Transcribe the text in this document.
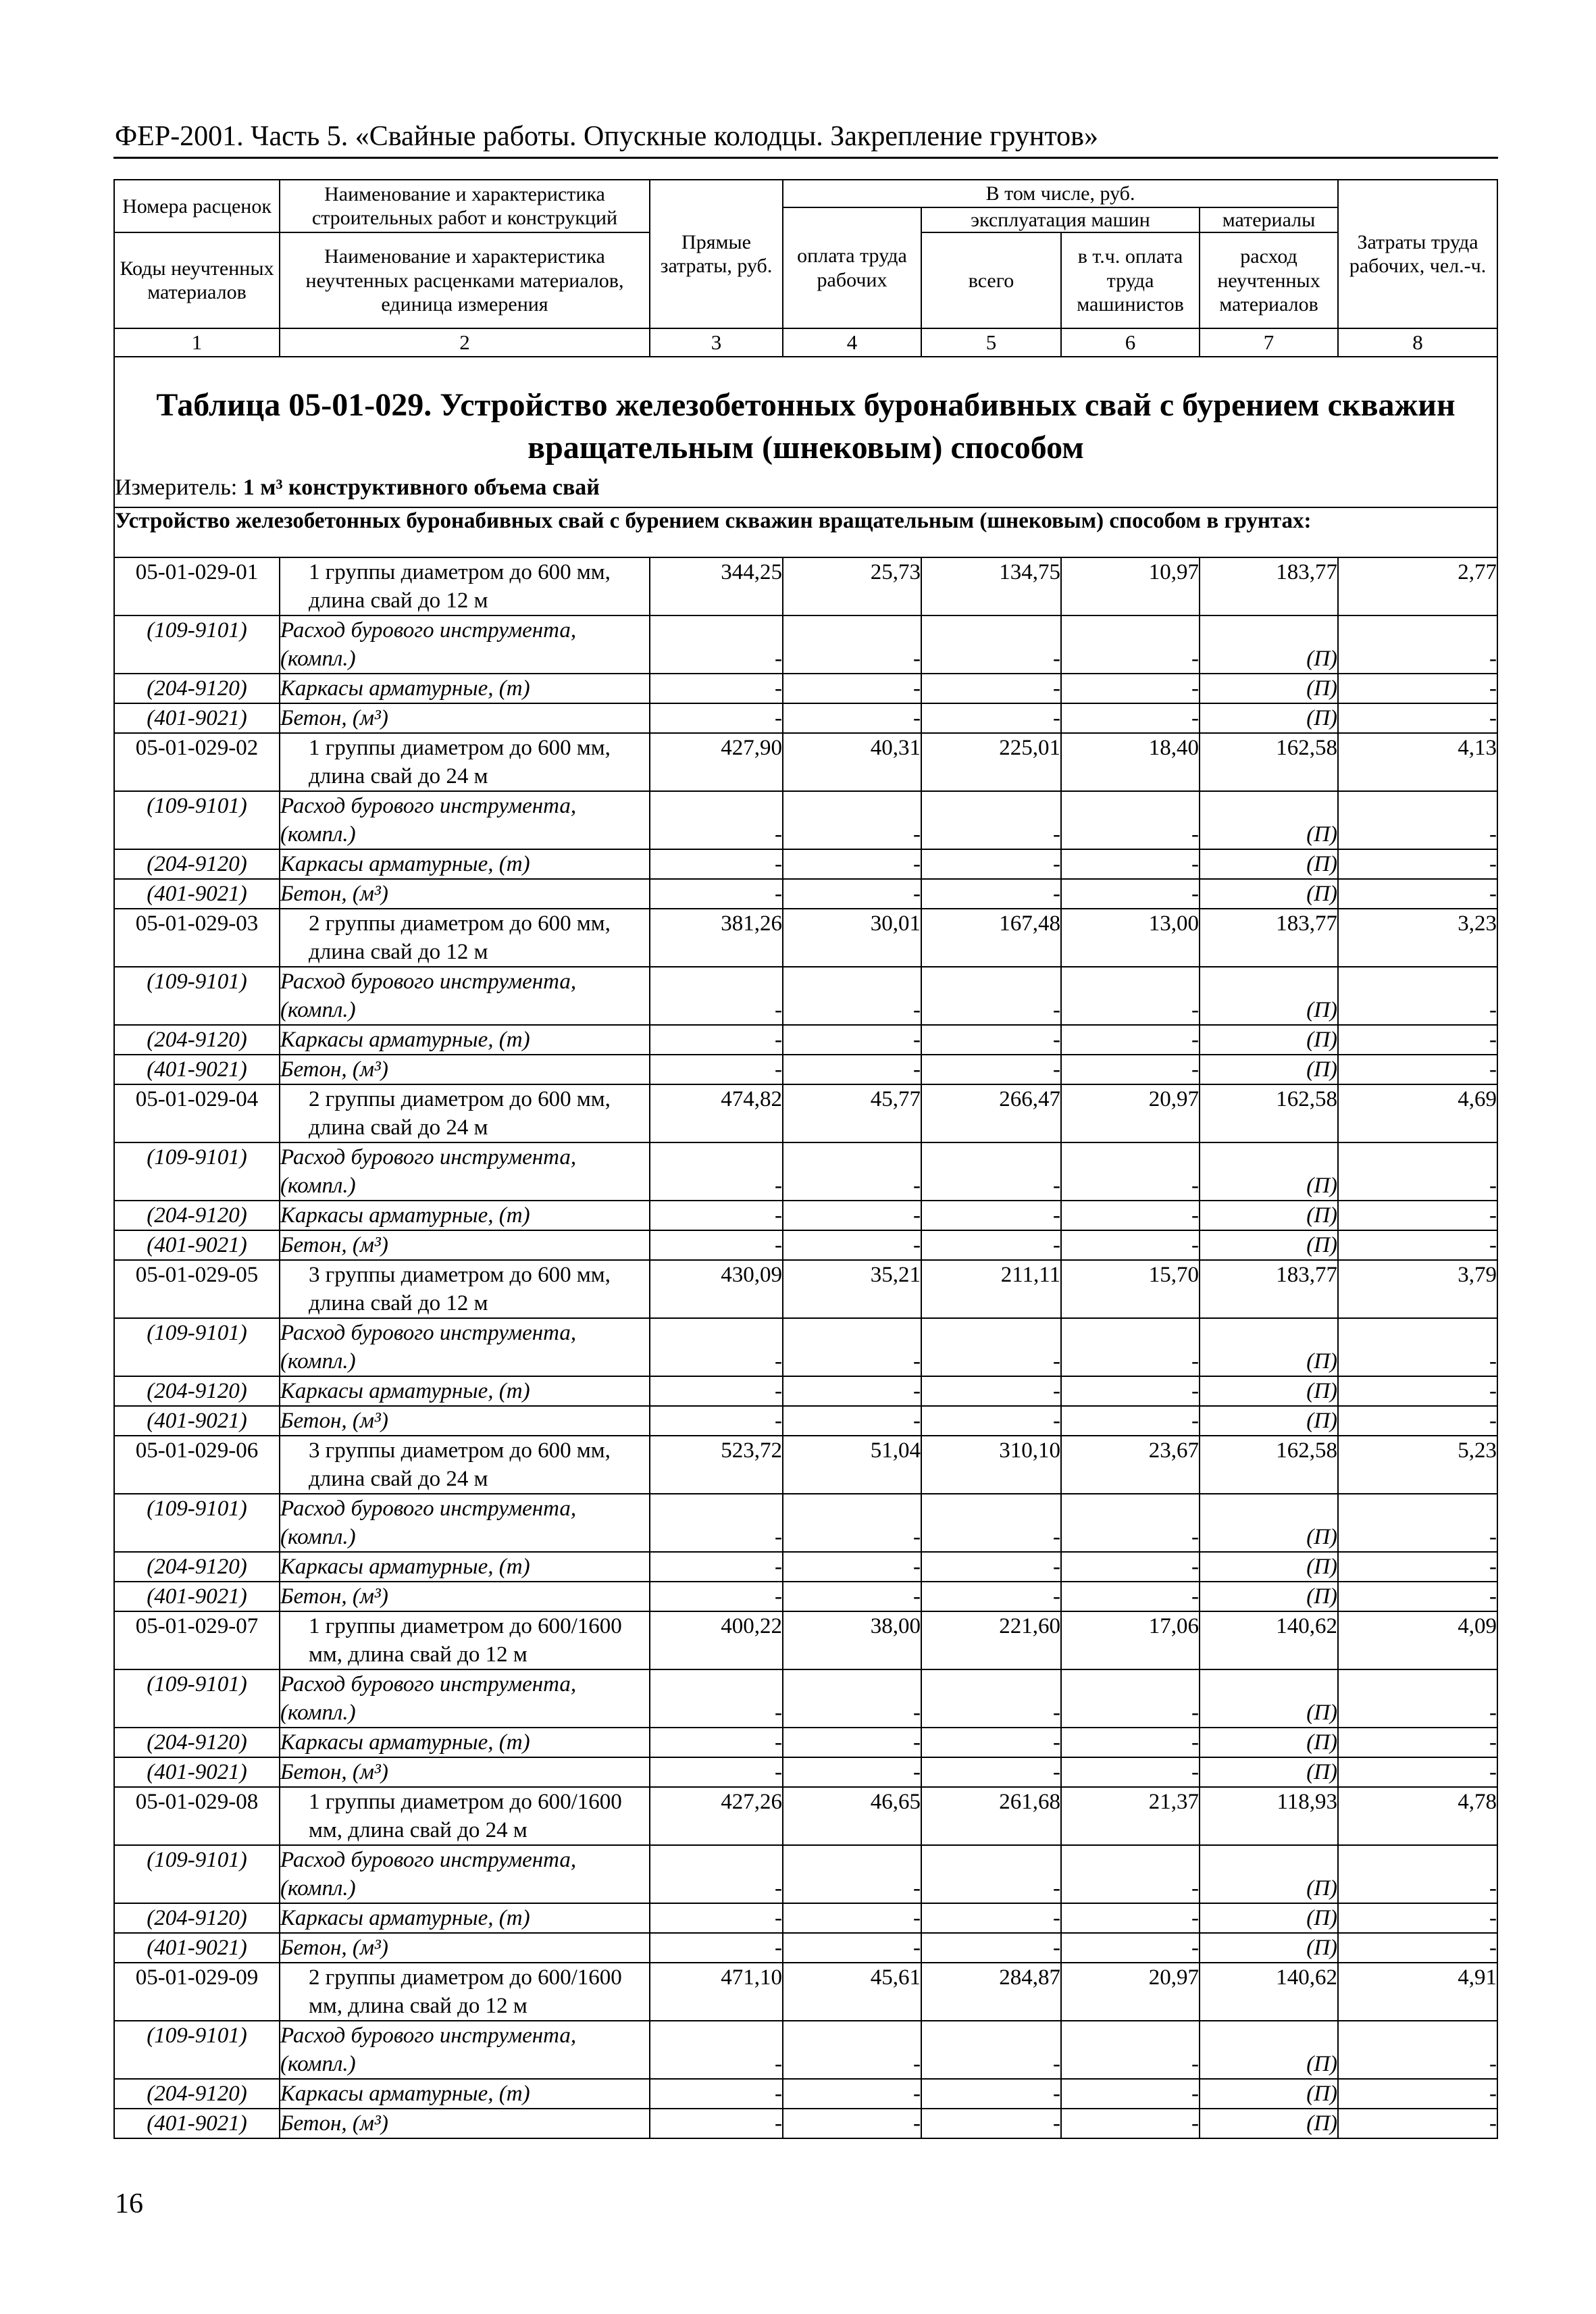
ФЕР-2001. Часть 5. «Свайные работы. Опускные колодцы. Закрепление грунтов»
Номера расценок	Наименование и характеристика строительных работ и конструкций	Прямые затраты, руб.	В том числе, руб.				Затраты труда рабочих, чел.-ч.
			оплата труда рабочих	эксплуатация машин		материалы	
Коды неучтенных материалов	Наименование и характеристика неучтенных расценками материалов, единица измерения			всего	в т.ч. оплата труда машинистов	расход неучтенных материалов	
1	2	3	4	5	6	7	8

Таблица 05-01-029. Устройство железобетонных буронабивных свай с бурением скважин вращательным (шнековым) способом							

Измеритель: 1 м³ конструктивного объема свай							
Устройство железобетонных буронабивных свай с бурением скважин вращательным (шнековым) способом в грунтах:							
05-01-029-01	1 группы диаметром до 600 мм, длина свай до 12 м	344,25	25,73	134,75	10,97	183,77	2,77
(109-9101)	Расход бурового инструмента, (компл.)	-	-	-	-	(П)	-
(204-9120)	Каркасы арматурные, (т)	-	-	-	-	(П)	-
(401-9021)	Бетон, (м³)	-	-	-	-	(П)	-
05-01-029-02	1 группы диаметром до 600 мм, длина свай до 24 м	427,90	40,31	225,01	18,40	162,58	4,13
(109-9101)	Расход бурового инструмента, (компл.)	-	-	-	-	(П)	-
(204-9120)	Каркасы арматурные, (т)	-	-	-	-	(П)	-
(401-9021)	Бетон, (м³)	-	-	-	-	(П)	-
05-01-029-03	2 группы диаметром до 600 мм, длина свай до 12 м	381,26	30,01	167,48	13,00	183,77	3,23
(109-9101)	Расход бурового инструмента, (компл.)	-	-	-	-	(П)	-
(204-9120)	Каркасы арматурные, (т)	-	-	-	-	(П)	-
(401-9021)	Бетон, (м³)	-	-	-	-	(П)	-
05-01-029-04	2 группы диаметром до 600 мм, длина свай до 24 м	474,82	45,77	266,47	20,97	162,58	4,69
(109-9101)	Расход бурового инструмента, (компл.)	-	-	-	-	(П)	-
(204-9120)	Каркасы арматурные, (т)	-	-	-	-	(П)	-
(401-9021)	Бетон, (м³)	-	-	-	-	(П)	-
05-01-029-05	3 группы диаметром до 600 мм, длина свай до 12 м	430,09	35,21	211,11	15,70	183,77	3,79
(109-9101)	Расход бурового инструмента, (компл.)	-	-	-	-	(П)	-
(204-9120)	Каркасы арматурные, (т)	-	-	-	-	(П)	-
(401-9021)	Бетон, (м³)	-	-	-	-	(П)	-
05-01-029-06	3 группы диаметром до 600 мм, длина свай до 24 м	523,72	51,04	310,10	23,67	162,58	5,23
(109-9101)	Расход бурового инструмента, (компл.)	-	-	-	-	(П)	-
(204-9120)	Каркасы арматурные, (т)	-	-	-	-	(П)	-
(401-9021)	Бетон, (м³)	-	-	-	-	(П)	-
05-01-029-07	1 группы диаметром до 600/1600 мм, длина свай до 12 м	400,22	38,00	221,60	17,06	140,62	4,09
(109-9101)	Расход бурового инструмента, (компл.)	-	-	-	-	(П)	-
(204-9120)	Каркасы арматурные, (т)	-	-	-	-	(П)	-
(401-9021)	Бетон, (м³)	-	-	-	-	(П)	-
05-01-029-08	1 группы диаметром до 600/1600 мм, длина свай до 24 м	427,26	46,65	261,68	21,37	118,93	4,78
(109-9101)	Расход бурового инструмента, (компл.)	-	-	-	-	(П)	-
(204-9120)	Каркасы арматурные, (т)	-	-	-	-	(П)	-
(401-9021)	Бетон, (м³)	-	-	-	-	(П)	-
05-01-029-09	2 группы диаметром до 600/1600 мм, длина свай до 12 м	471,10	45,61	284,87	20,97	140,62	4,91
(109-9101)	Расход бурового инструмента, (компл.)	-	-	-	-	(П)	-
(204-9120)	Каркасы арматурные, (т)	-	-	-	-	(П)	-
(401-9021)	Бетон, (м³)	-	-	-	-	(П)	-
16
